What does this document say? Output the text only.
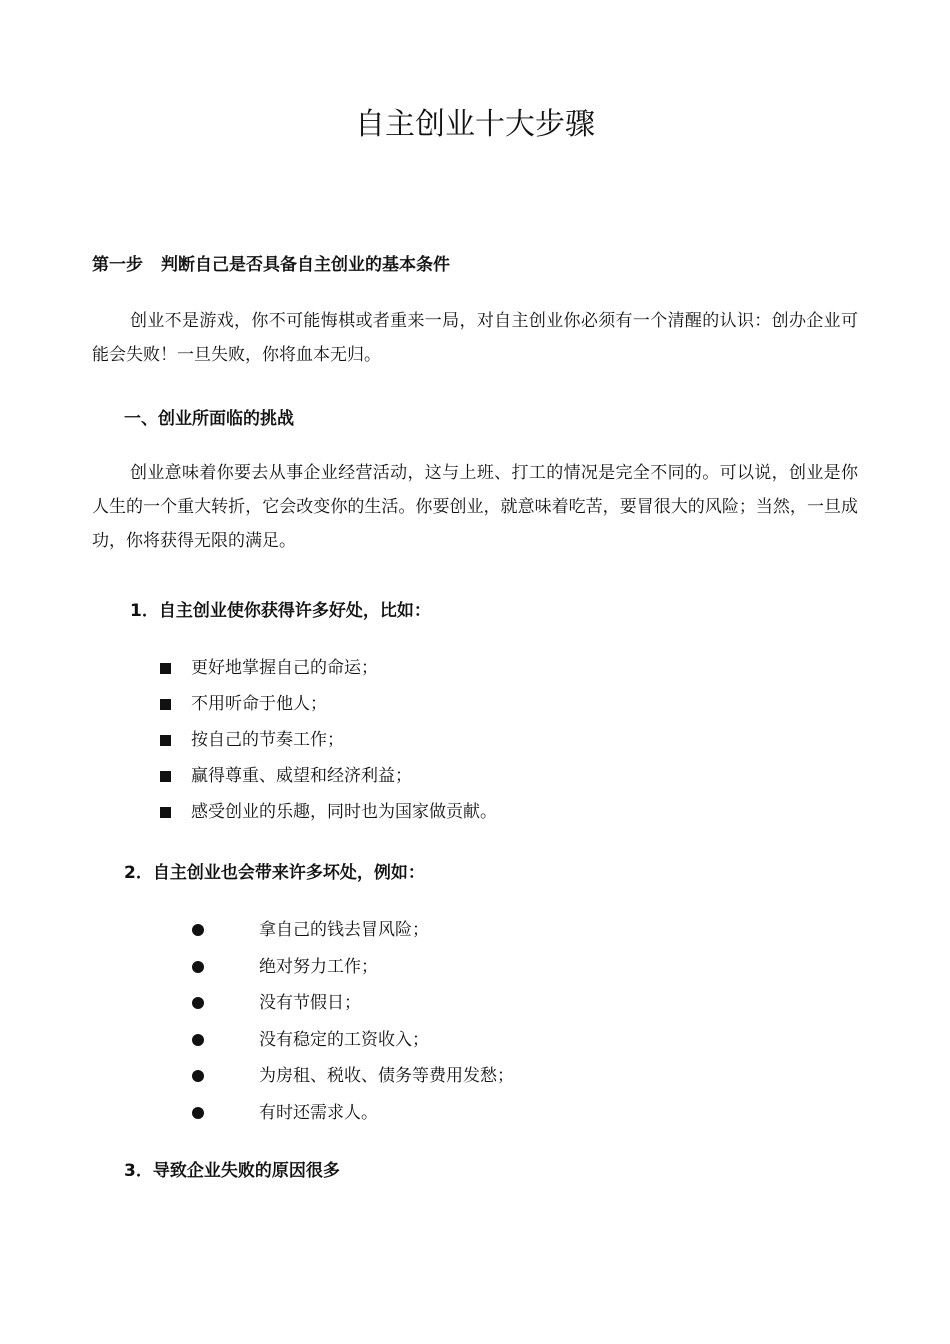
自主创业十大步骤
第一步 判断自己是否具备自主创业的基本条件

创业不是游戏，你不可能悔棋或者重来一局，对自主创业你必须有一个清醒的认识：创办企业可能会失败！一旦失败，你将血本无归。

一、创业所面临的挑战

创业意味着你要去从事企业经营活动，这与上班、打工的情况是完全不同的。可以说，创业是你人生的一个重大转折，它会改变你的生活。你要创业，就意味着吃苦，要冒很大的风险；当然，一旦成功，你将获得无限的满足。

1．自主创业使你获得许多好处，比如：
更好地掌握自己的命运；
不用听命于他人；
按自己的节奏工作；
赢得尊重、威望和经济利益；
感受创业的乐趣，同时也为国家做贡献。
2．自主创业也会带来许多坏处，例如：
拿自己的钱去冒风险；
绝对努力工作；
没有节假日；
没有稳定的工资收入；
为房租、税收、债务等费用发愁；
有时还需求人。
3．导致企业失败的原因很多
